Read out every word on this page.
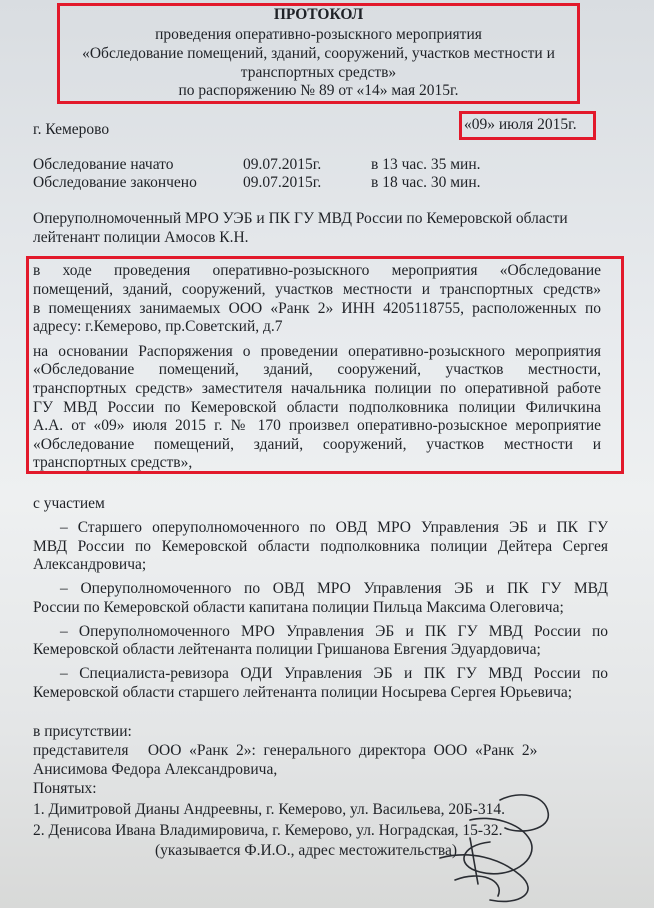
ПРОТОКОЛ
проведения оперативно-розыскного мероприятия
«Обследование помещений, зданий, сооружений, участков местности и
транспортных средств»
по распоряжению № 89 от «14» мая 2015г.
г. Кемерово	«09» июля 2015г.
Обследование начато	09.07.2015г.	в 13 час. 35 мин.
Обследование закончено	09.07.2015г.	в 18 час. 30 мин.
Оперуполномоченный МРО УЭБ и ПК ГУ МВД России по Кемеровской области
лейтенант полиции Амосов К.Н.
в ходе проведения оперативно-розыскного мероприятия «Обследование
помещений, зданий, сооружений, участков местности и транспортных средств»
в помещениях занимаемых ООО «Ранк 2» ИНН 4205118755, расположенных по
адресу: г.Кемерово, пр.Советский, д.7
на основании Распоряжения о проведении оперативно-розыскного мероприятия
«Обследование помещений, зданий, сооружений, участков местности,
транспортных средств» заместителя начальника полиции по оперативной работе
ГУ МВД России по Кемеровской области подполковника полиции Филичкина
А.А. от «09» июля 2015 г. № 170 произвел оперативно-розыскное мероприятие
«Обследование помещений, зданий, сооружений, участков местности и
транспортных средств»,
с участием
– Старшего оперуполномоченного по ОВД МРО Управления ЭБ и ПК ГУ
МВД России по Кемеровской области подполковника полиции Дейтера Сергея
Александровича;
– Оперуполномоченного по ОВД МРО Управления ЭБ и ПК ГУ МВД
России по Кемеровской области капитана полиции Пильца Максима Олеговича;
– Оперуполномоченного МРО Управления ЭБ и ПК ГУ МВД России по
Кемеровской области лейтенанта полиции Гришанова Евгения Эдуардовича;
– Специалиста-ревизора ОДИ Управления ЭБ и ПК ГУ МВД России по
Кемеровской области старшего лейтенанта полиции Носырева Сергея Юрьевича;
в присутствии:
представителя     ООО  «Ранк  2»:  генерального  директора  ООО  «Ранк  2»
Анисимова Федора Александровича,
Понятых:
1. Димитровой Дианы Андреевны, г. Кемерово, ул. Васильева, 20Б-314.
2. Денисова Ивана Владимировича, г. Кемерово, ул. Ноградская, 15-32.
(указывается Ф.И.О., адрес местожительства)
